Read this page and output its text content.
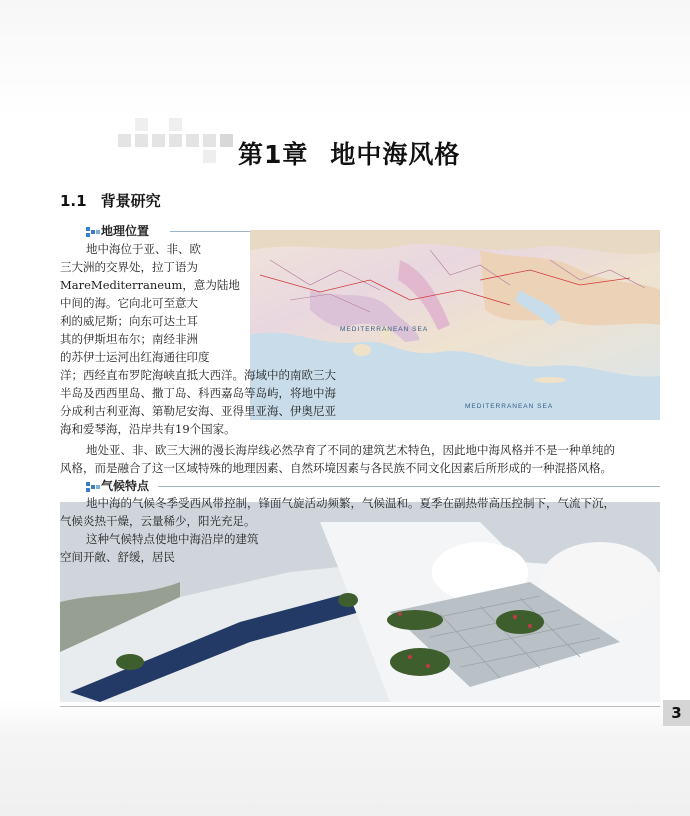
第1章 地中海风格
1.1 背景研究
地理位置
MEDITERRANEAN SEA
MEDITERRANEAN SEA
地中海位于亚、非、欧
三大洲的交界处，拉丁语为
MareMediterraneum，意为陆地
中间的海。它向北可至意大
利的威尼斯；向东可达土耳
其的伊斯坦布尔；南经非洲
的苏伊士运河出红海通往印度
洋；西经直布罗陀海峡直抵大西洋。海域中的南欧三大
半岛及西西里岛、撒丁岛、科西嘉岛等岛屿，将地中海
分成利古利亚海、第勒尼安海、亚得里亚海、伊奥尼亚
海和爱琴海，沿岸共有19个国家。
地处亚、非、欧三大洲的漫长海岸线必然孕育了不同的建筑艺术特色，因此地中海风格并不是一种单纯的
风格，而是融合了这一区域特殊的地理因素、自然环境因素与各民族不同文化因素后所形成的一种混搭风格。
气候特点
地中海的气候冬季受西风带控制，锋面气旋活动频繁，气候温和。夏季在副热带高压控制下，气流下沉，
气候炎热干燥，云量稀少，阳光充足。
这种气候特点使地中海沿岸的建筑
空间开敞、舒缓，居民
3
